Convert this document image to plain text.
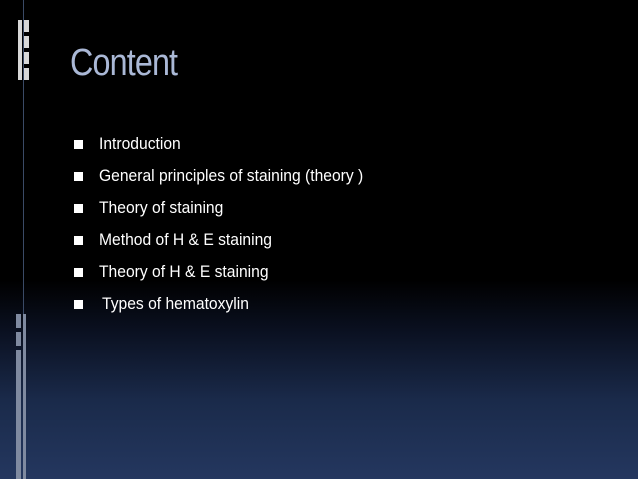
Content
Introduction
General principles of staining (theory )
Theory of staining
Method of H & E staining
Theory of H & E staining
Types of hematoxylin
